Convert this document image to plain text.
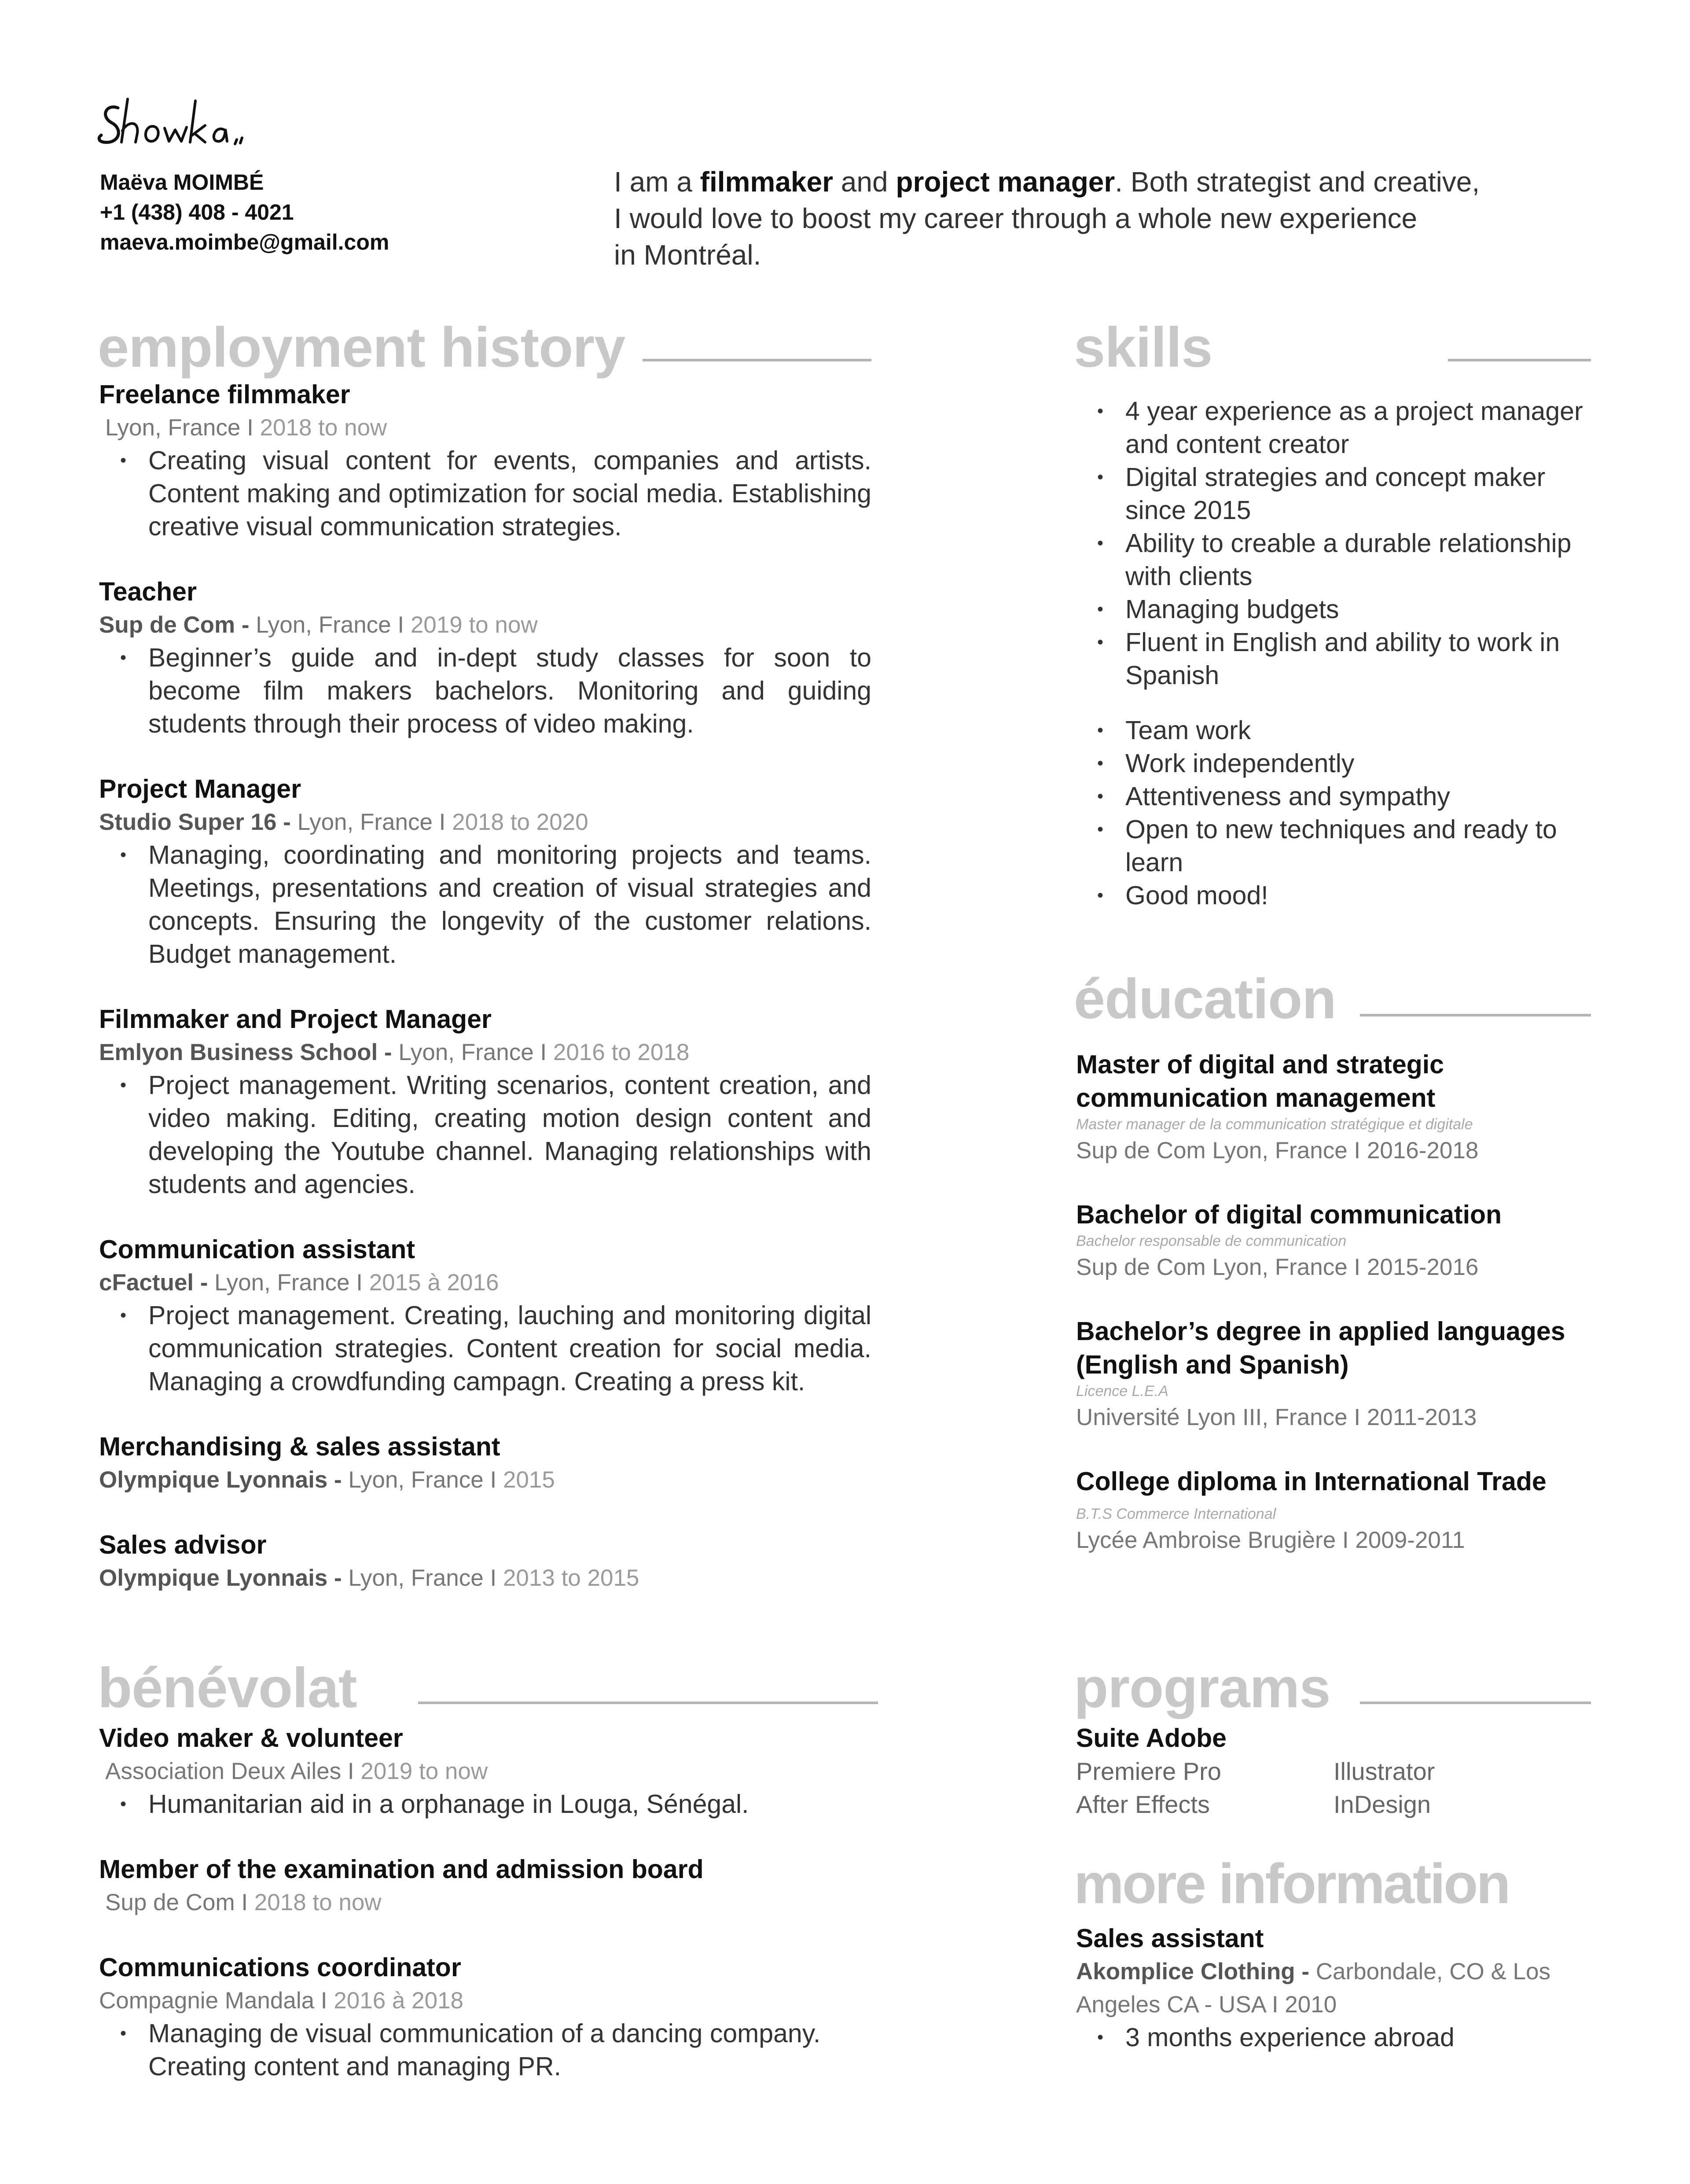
Maëva MOIMBÉ
+1 (438) 408 - 4021
maeva.moimbe@gmail.com
I am a filmmaker and project manager. Both strategist and creative,
I would love to boost my career through a whole new experience
in Montréal.
employment history	skills
éducation
bénévolat	programs
more information
Freelance filmmaker
Lyon, France I 2018 to now
• Creating visual content for events, companies and artists. Content making and optimization for social media. Establishing creative visual communication strategies.
Teacher
Sup de Com - Lyon, France I 2019 to now
• Beginner’s guide and in-dept study classes for soon to become film makers bachelors. Monitoring and guiding students through their process of video making.
Project Manager
Studio Super 16 - Lyon, France I 2018 to 2020
• Managing, coordinating and monitoring projects and teams. Meetings, presentations and creation of visual strategies and concepts. Ensuring the longevity of the customer relations. Budget management.
Filmmaker and Project Manager
Emlyon Business School - Lyon, France I 2016 to 2018
• Project management. Writing scenarios, content creation, and video making. Editing, creating motion design content and developing the Youtube channel. Managing relationships with students and agencies.
Communication assistant
cFactuel - Lyon, France I 2015 à 2016
• Project management. Creating, lauching and monitoring digital communication strategies. Content creation for social media. Managing a crowdfunding campagn. Creating a press kit.
Merchandising & sales assistant
Olympique Lyonnais - Lyon, France I 2015
Sales advisor
Olympique Lyonnais - Lyon, France I 2013 to 2015
Video maker & volunteer
Association Deux Ailes I 2019 to now
• Humanitarian aid in a orphanage in Louga, Sénégal.
Member of the examination and admission board
Sup de Com I 2018 to now
Communications coordinator
Compagnie Mandala I 2016 à 2018
• Managing de visual communication of a dancing company. Creating content and managing PR.
• 4 year experience as a project manager and content creator
• Digital strategies and concept maker since 2015
• Ability to creable a durable relationship with clients
• Managing budgets
• Fluent in English and ability to work in Spanish
• Team work
• Work independently
• Attentiveness and sympathy
• Open to new techniques and ready to learn
• Good mood!
Master of digital and strategic communication management
Master manager de la communication stratégique et digitale
Sup de Com Lyon, France I 2016-2018
Bachelor of digital communication
Bachelor responsable de communication
Sup de Com Lyon, France I 2015-2016
Bachelor’s degree in applied languages (English and Spanish)
Licence L.E.A
Université Lyon III, France I 2011-2013
College diploma in International Trade
B.T.S Commerce International
Lycée Ambroise Brugière I 2009-2011
Suite Adobe
Premiere Pro	Illustrator
After Effects	InDesign
Sales assistant
Akomplice Clothing - Carbondale, CO & Los Angeles CA - USA I 2010
• 3 months experience abroad
